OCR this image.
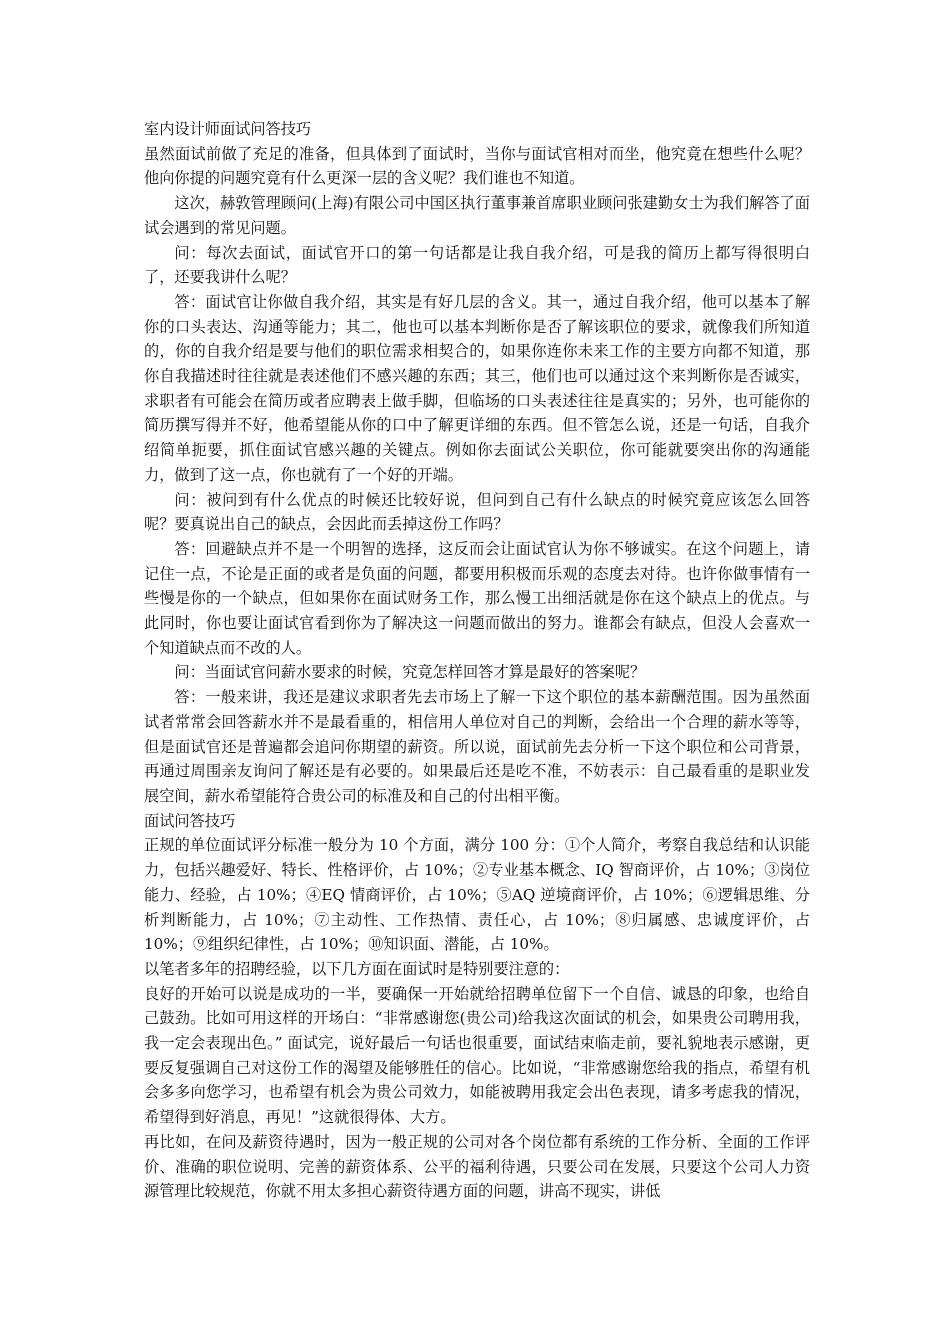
室内设计师面试问答技巧

虽然面试前做了充足的准备，但具体到了面试时，当你与面试官相对而坐，他究竟在想些什么呢？他向你提的问题究竟有什么更深一层的含义呢？我们谁也不知道。

这次，赫敦管理顾问(上海)有限公司中国区执行董事兼首席职业顾问张建勤女士为我们解答了面试会遇到的常见问题。

问：每次去面试，面试官开口的第一句话都是让我自我介绍，可是我的简历上都写得很明白了，还要我讲什么呢？

答：面试官让你做自我介绍，其实是有好几层的含义。其一，通过自我介绍，他可以基本了解你的口头表达、沟通等能力；其二，他也可以基本判断你是否了解该职位的要求，就像我们所知道的，你的自我介绍是要与他们的职位需求相契合的，如果你连你未来工作的主要方向都不知道，那你自我描述时往往就是表述他们不感兴趣的东西；其三，他们也可以通过这个来判断你是否诚实，求职者有可能会在简历或者应聘表上做手脚，但临场的口头表述往往是真实的；另外，也可能你的简历撰写得并不好，他希望能从你的口中了解更详细的东西。但不管怎么说，还是一句话，自我介绍简单扼要，抓住面试官感兴趣的关键点。例如你去面试公关职位，你可能就要突出你的沟通能力，做到了这一点，你也就有了一个好的开端。

问：被问到有什么优点的时候还比较好说，但问到自己有什么缺点的时候究竟应该怎么回答呢？要真说出自己的缺点，会因此而丢掉这份工作吗？

答：回避缺点并不是一个明智的选择，这反而会让面试官认为你不够诚实。在这个问题上，请记住一点，不论是正面的或者是负面的问题，都要用积极而乐观的态度去对待。也许你做事情有一些慢是你的一个缺点，但如果你在面试财务工作，那么慢工出细活就是你在这个缺点上的优点。与此同时，你也要让面试官看到你为了解决这一问题而做出的努力。谁都会有缺点，但没人会喜欢一个知道缺点而不改的人。

问：当面试官问薪水要求的时候，究竟怎样回答才算是最好的答案呢？

答：一般来讲，我还是建议求职者先去市场上了解一下这个职位的基本薪酬范围。因为虽然面试者常常会回答薪水并不是最看重的，相信用人单位对自己的判断，会给出一个合理的薪水等等，但是面试官还是普遍都会追问你期望的薪资。所以说，面试前先去分析一下这个职位和公司背景，再通过周围亲友询问了解还是有必要的。如果最后还是吃不准，不妨表示：自己最看重的是职业发展空间，薪水希望能符合贵公司的标准及和自己的付出相平衡。

面试问答技巧

正规的单位面试评分标准一般分为 10 个方面，满分 100 分：①个人简介，考察自我总结和认识能力，包括兴趣爱好、特长、性格评价，占 10%；②专业基本概念、IQ 智商评价，占 10%；③岗位能力、经验，占 10%；④EQ 情商评价，占 10%；⑤AQ 逆境商评价，占 10%；⑥逻辑思维、分析判断能力，占 10%；⑦主动性、工作热情、责任心，占 10%；⑧归属感、忠诚度评价，占 10%；⑨组织纪律性，占 10%；⑩知识面、潜能，占 10%。

以笔者多年的招聘经验，以下几方面在面试时是特别要注意的：

良好的开始可以说是成功的一半，要确保一开始就给招聘单位留下一个自信、诚恳的印象，也给自己鼓劲。比如可用这样的开场白：“非常感谢您(贵公司)给我这次面试的机会，如果贵公司聘用我，我一定会表现出色。” 面试完，说好最后一句话也很重要，面试结束临走前，要礼貌地表示感谢，更要反复强调自己对这份工作的渴望及能够胜任的信心。比如说，“非常感谢您给我的指点，希望有机会多多向您学习，也希望有机会为贵公司效力，如能被聘用我定会出色表现，请多考虑我的情况，希望得到好消息，再见！”这就很得体、大方。

再比如，在问及薪资待遇时，因为一般正规的公司对各个岗位都有系统的工作分析、全面的工作评价、准确的职位说明、完善的薪资体系、公平的福利待遇，只要公司在发展，只要这个公司人力资源管理比较规范，你就不用太多担心薪资待遇方面的问题，讲高不现实，讲低
